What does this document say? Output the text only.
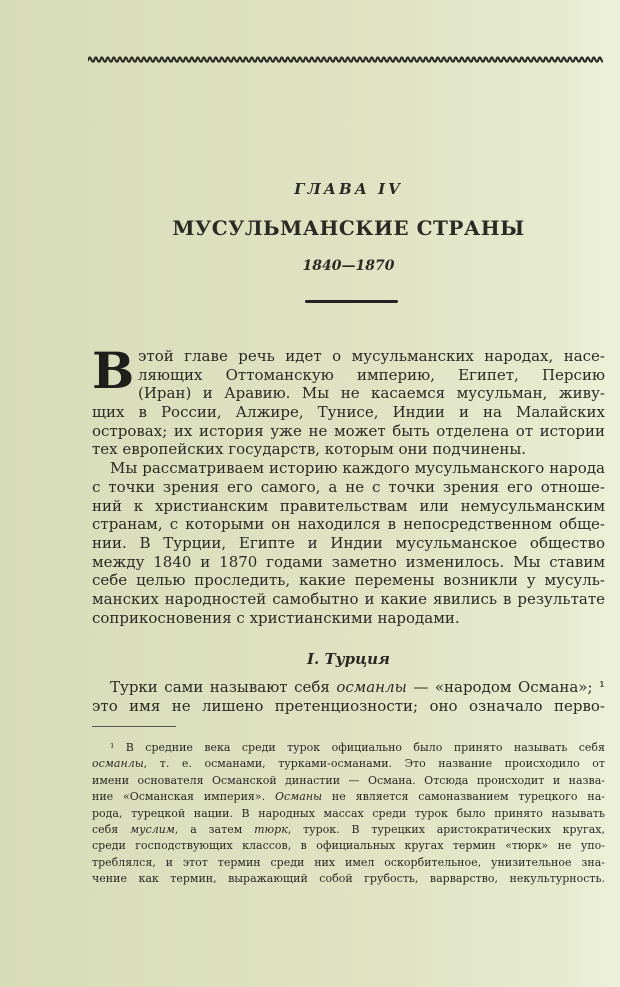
ГЛАВА IV
МУСУЛЬМАНСКИЕ СТРАНЫ
1840—1870
В этой главе речь идет о мусульманских народах, насе-
ляющих Оттоманскую империю, Египет, Персию
(Иран) и Аравию. Мы не касаемся мусульман, живу-
щих в России, Алжире, Тунисе, Индии и на Малайских
островах; их история уже не может быть отделена от истории
тех европейских государств, которым они подчинены.
Мы рассматриваем историю каждого мусульманского народа
с точки зрения его самого, а не с точки зрения его отноше-
ний к христианским правительствам или немусульманским
странам, с которыми он находился в непосредственном обще-
нии. В Турции, Египте и Индии мусульманское общество
между 1840 и 1870 годами заметно изменилось. Мы ставим
себе целью проследить, какие перемены возникли у мусуль-
манских народностей самобытно и какие явились в результате
соприкосновения с христианскими народами.
I. Турция
Турки сами называют себя османлы — «народом Османа»; ¹
это имя не лишено претенциозности; оно означало перво-
¹ В средние века среди турок официально было принято называть себя
османлы, т. е. османами, турками-османами. Это название происходило от
имени основателя Османской династии — Османа. Отсюда происходит и назва-
ние «Османская империя». Османы не является самоназванием турецкого на-
рода, турецкой нации. В народных массах среди турок было принято называть
себя муслим, а затем тюрк, турок. В турецких аристократических кругах,
среди господствующих классов, в официальных кругах термин «тюрк» не упо-
треблялся, и этот термин среди них имел оскорбительное, унизительное зна-
чение как термин, выражающий собой грубость, варварство, некультурность.
